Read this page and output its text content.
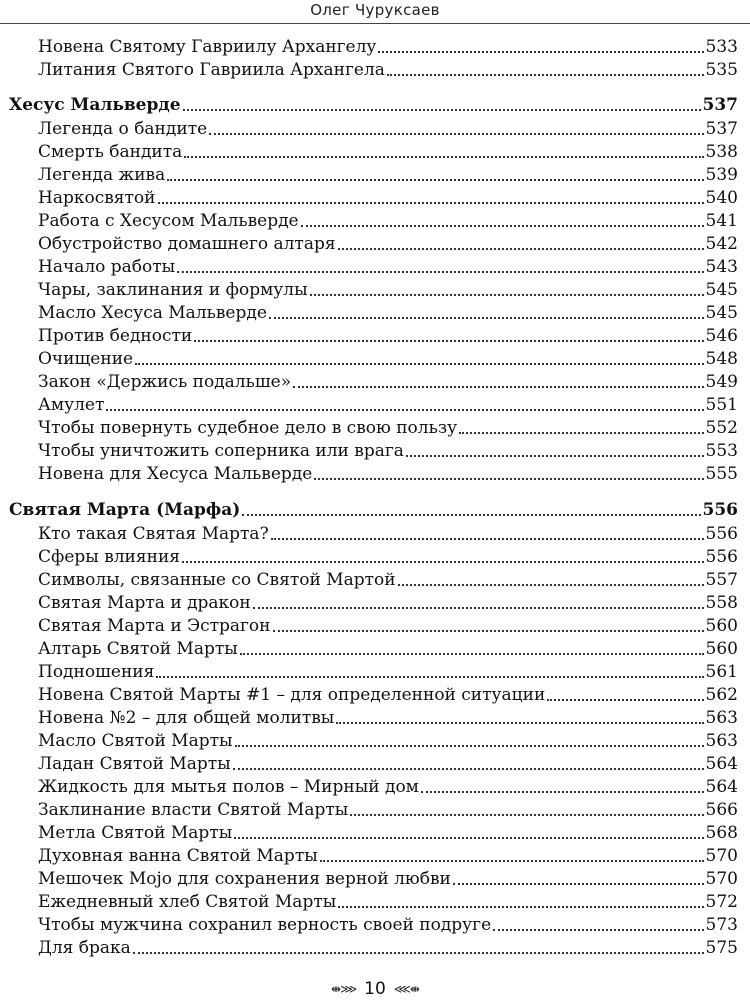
Олег Чуруксаев
Новена Святому Гавриилу Архангелу	533
Литания Святого Гавриила Архангела	535
Хесус Мальверде	537
Легенда о бандите	537
Смерть бандита	538
Легенда жива	539
Наркосвятой	540
Работа с Хесусом Мальверде	541
Обустройство домашнего алтаря	542
Начало работы	543
Чары, заклинания и формулы	545
Масло Хесуса Мальверде	545
Против бедности	546
Очищение	548
Закон «Держись подальше»	549
Амулет	551
Чтобы повернуть судебное дело в свою пользу	552
Чтобы уничтожить соперника или врага	553
Новена для Хесуса Мальверде	555
Святая Марта (Марфа)	556
Кто такая Святая Марта?	556
Сферы влияния	556
Символы, связанные со Святой Мартой	557
Святая Марта и дракон	558
Святая Марта и Эстрагон	560
Алтарь Святой Марты	560
Подношения	561
Новена Святой Марты #1 – для определенной ситуации	562
Новена №2 – для общей молитвы	563
Масло Святой Марты	563
Ладан Святой Марты	564
Жидкость для мытья полов – Мирный дом	564
Заклинание власти Святой Марты	566
Метла Святой Марты	568
Духовная ванна Святой Марты	570
Мешочек Mojo для сохранения верной любви	570
Ежедневный хлеб Святой Марты	572
Чтобы мужчина сохранил верность своей подруге	573
Для брака	575
⇼⋙ 10 ⋘⇼
